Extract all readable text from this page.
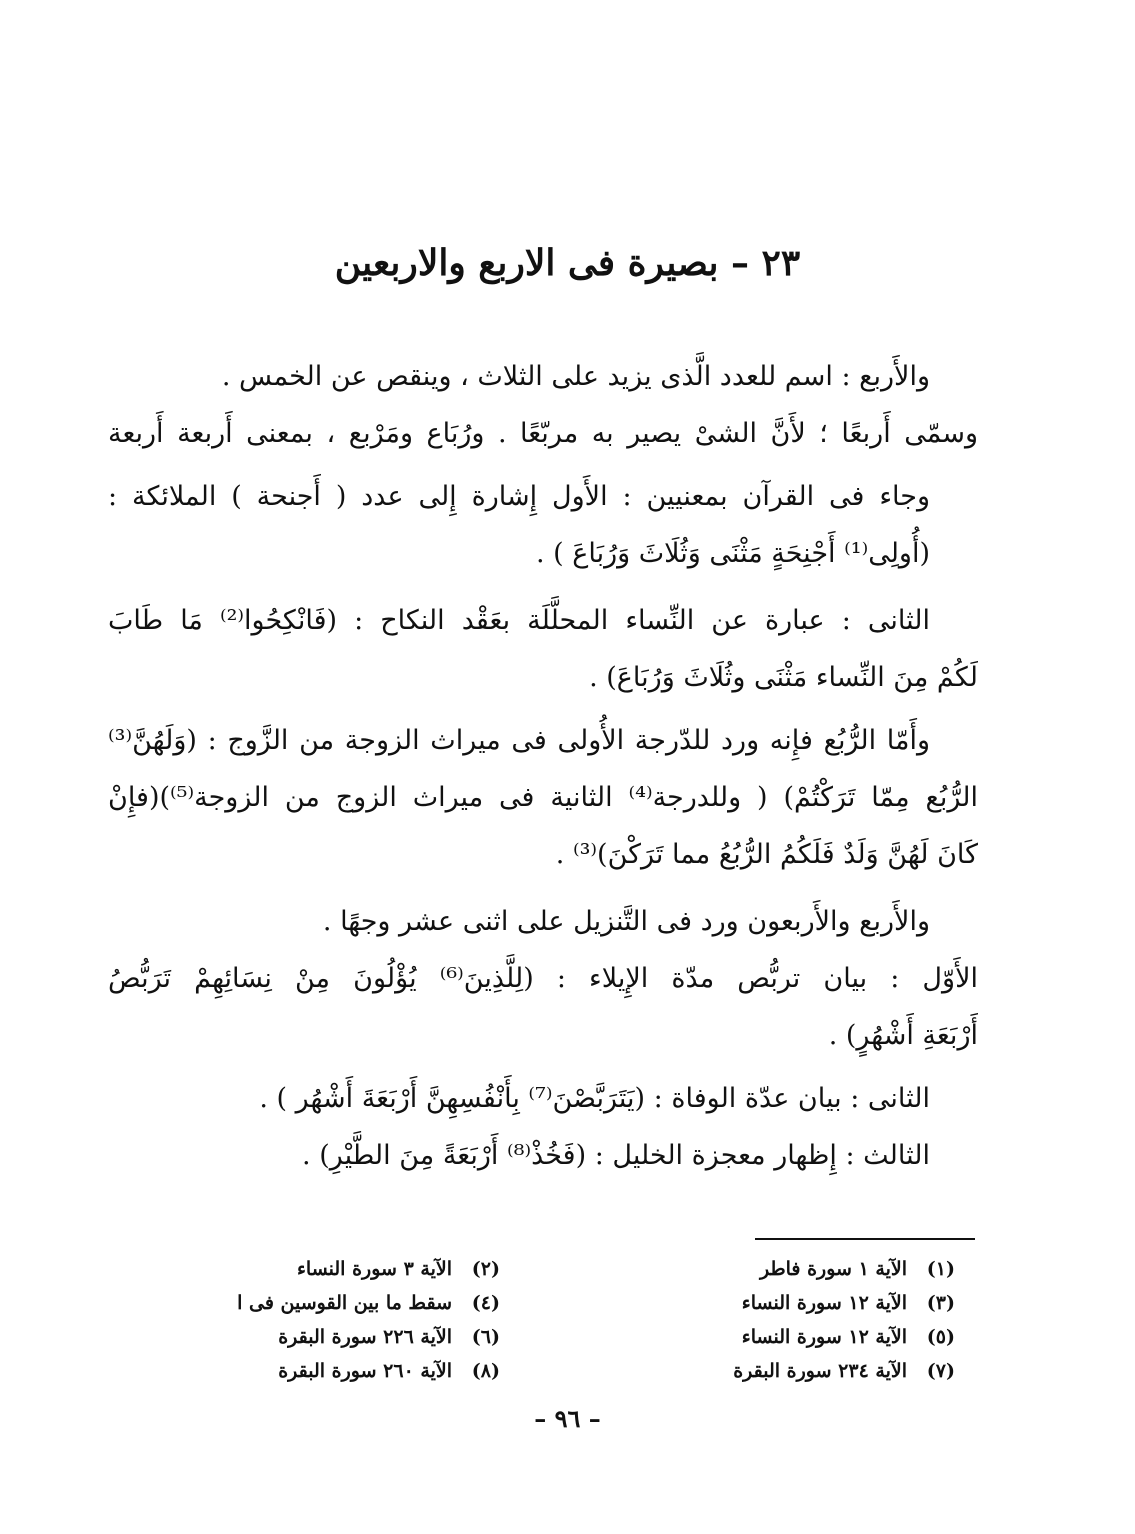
٢٣ – بصيرة فى الاربع والاربعين
والأَربع : اسم للعدد الَّذى يزيد على الثلاث ، وينقص عن الخمس .
وسمّى أَربعًا ؛ لأَنَّ الشىْ يصير به مربّعًا . ورُبَاع ومَرْبع ، بمعنى أَربعة أَربعة
وجاء فى القرآن بمعنيين : الأَول إِشارة إِلى عدد ( أَجنحة ) الملائكة :
(أُولِى⁽¹⁾ أَجْنِحَةٍ مَثْنَى وَثُلَاثَ وَرُبَاعَ ) .
الثانى : عبارة عن النِّساء المحلَّلَة بعَقْد النكاح : (فَانْكِحُوا⁽²⁾ مَا طَابَ
لَكُمْ مِنَ النِّساء مَثْنَى وثُلَاثَ وَرُبَاعَ) .
وأَمّا الرُّبُع فإِنه ورد للدّرجة الأُولى فى ميراث الزوجة من الزَّوج : (وَلَهُنَّ⁽³⁾
الرُّبُع مِمّا تَرَكْتُمْ) ( وللدرجة⁽⁴⁾ الثانية فى ميراث الزوج من الزوجة⁽⁵⁾)(فإِنْ
كَانَ لَهُنَّ وَلَدٌ فَلَكُمُ الرُّبُعُ مما تَرَكْنَ)⁽³⁾ .
والأَربع والأَربعون ورد فى التَّنزيل على اثنى عشر وجهًا .
الأَوّل : بيان تربُّص مدّة الإِيلاء : (لِلَّذِينَ⁽⁶⁾ يُؤْلُونَ مِنْ نِسَائِهِمْ تَرَبُّصُ
أَرْبَعَةِ أَشْهُرٍ) .
الثانى : بيان عدّة الوفاة : (يَتَرَبَّصْنَ⁽⁷⁾ بِأَنْفُسِهِنَّ أَرْبَعَةَ أَشْهُر ) .
الثالث : إِظهار معجزة الخليل : (فَخُذْ⁽⁸⁾ أَرْبَعَةً مِنَ الطَّيْرِ) .
(١)
الآية ١ سورة فاطر
(٢)
الآية ٣ سورة النساء
(٣)
الآية ١٢ سورة النساء
(٤)
سقط ما بين القوسين فى ا
(٥)
الآية ١٢ سورة النساء
(٦)
الآية ٢٢٦ سورة البقرة
(٧)
الآية ٢٣٤ سورة البقرة
(٨)
الآية ٢٦٠ سورة البقرة
– ٩٦ –
